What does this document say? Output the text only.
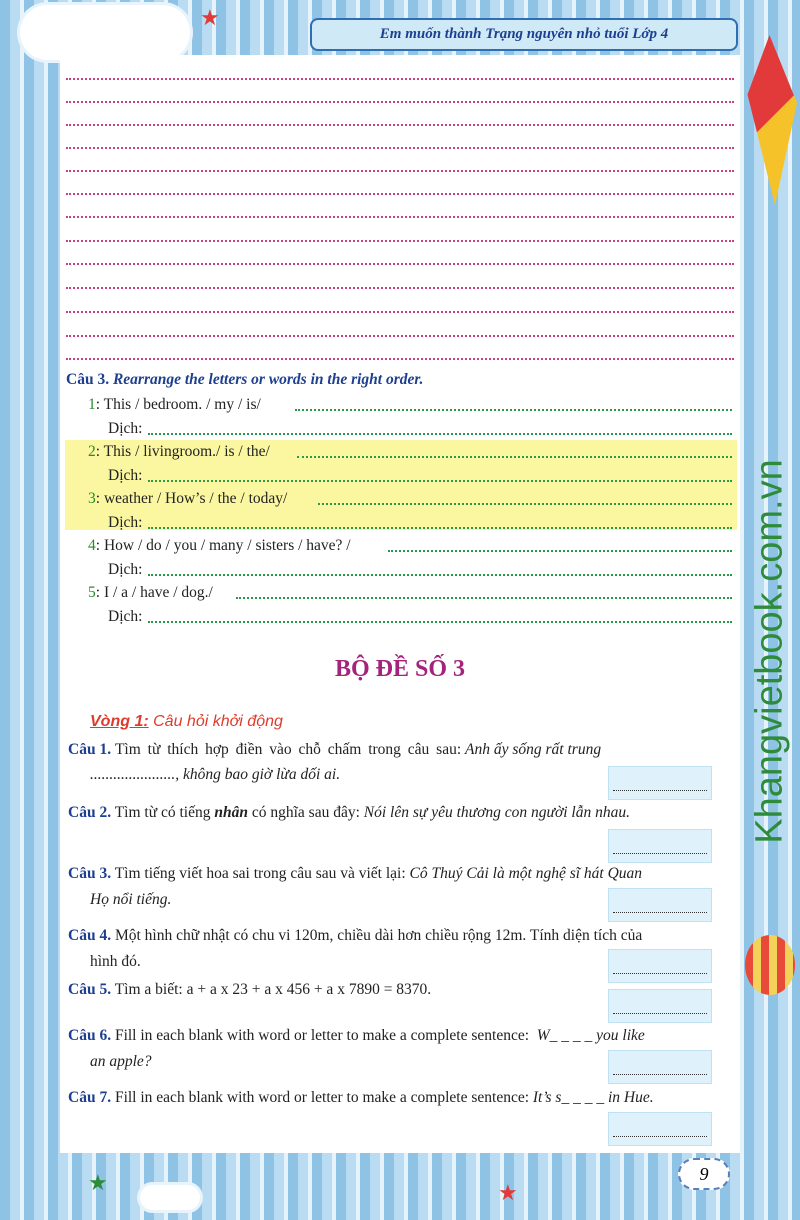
★
Em muốn thành Trạng nguyên nhỏ tuổi Lớp 4
Câu 3. Rearrange the letters or words in the right order.
1: This / bedroom. / my / is/
Dịch:
2: This / livingroom./ is / the/
Dịch:
3: weather / How’s / the / today/
Dịch:
4: How / do / you / many / sisters / have? /
Dịch:
5: I / a / have / dog./
Dịch:
BỘ ĐỀ SỐ 3
Vòng 1: Câu hỏi khởi động
Câu 1. Tìm từ thích hợp điền vào chỗ chấm trong câu sau: Anh ấy sống rất trung
......................, không bao giờ lừa dối ai.
Câu 2. Tìm từ có tiếng nhân có nghĩa sau đây: Nói lên sự yêu thương con người lẫn nhau.
Câu 3. Tìm tiếng viết hoa sai trong câu sau và viết lại: Cô Thuý Cải là một nghệ sĩ hát Quan
Họ nổi tiếng.
Câu 4. Một hình chữ nhật có chu vi 120m, chiều dài hơn chiều rộng 12m. Tính diện tích của
hình đó.
Câu 5. Tìm a biết: a + a x 23 + a x 456 + a x 7890 = 8370.
Câu 6. Fill in each blank with word or letter to make a complete sentence: W_ _ _ _ you like
an apple?
Câu 7. Fill in each blank with word or letter to make a complete sentence: It’s s_ _ _ _ in Hue.
Khangvietbook.com.vn
★	★
9
